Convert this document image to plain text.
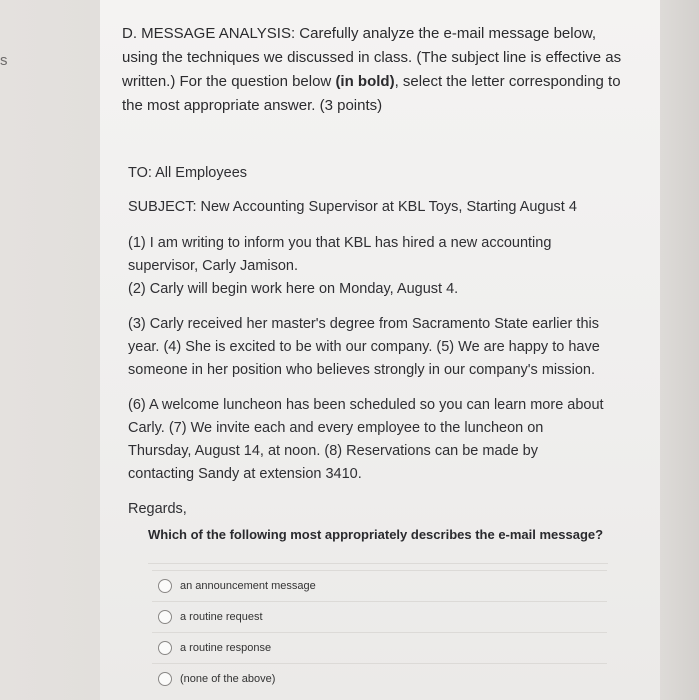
s
D. MESSAGE ANALYSIS: Carefully analyze the e-mail message below, using the techniques we discussed in class. (The subject line is effective as written.) For the question below (in bold), select the letter corresponding to the most appropriate answer. (3 points)
TO: All Employees
SUBJECT: New Accounting Supervisor at KBL Toys, Starting August 4
(1) I am writing to inform you that KBL has hired a new accounting supervisor, Carly Jamison.
(2) Carly will begin work here on Monday, August 4.
(3) Carly received her master's degree from Sacramento State earlier this year. (4) She is excited to be with our company. (5) We are happy to have someone in her position who believes strongly in our company's mission.
(6) A welcome luncheon has been scheduled so you can learn more about Carly. (7) We invite each and every employee to the luncheon on Thursday, August 14, at noon. (8) Reservations can be made by contacting Sandy at extension 3410.
Regards,
Which of the following most appropriately describes the e-mail message?
an announcement message
a routine request
a routine response
(none of the above)
